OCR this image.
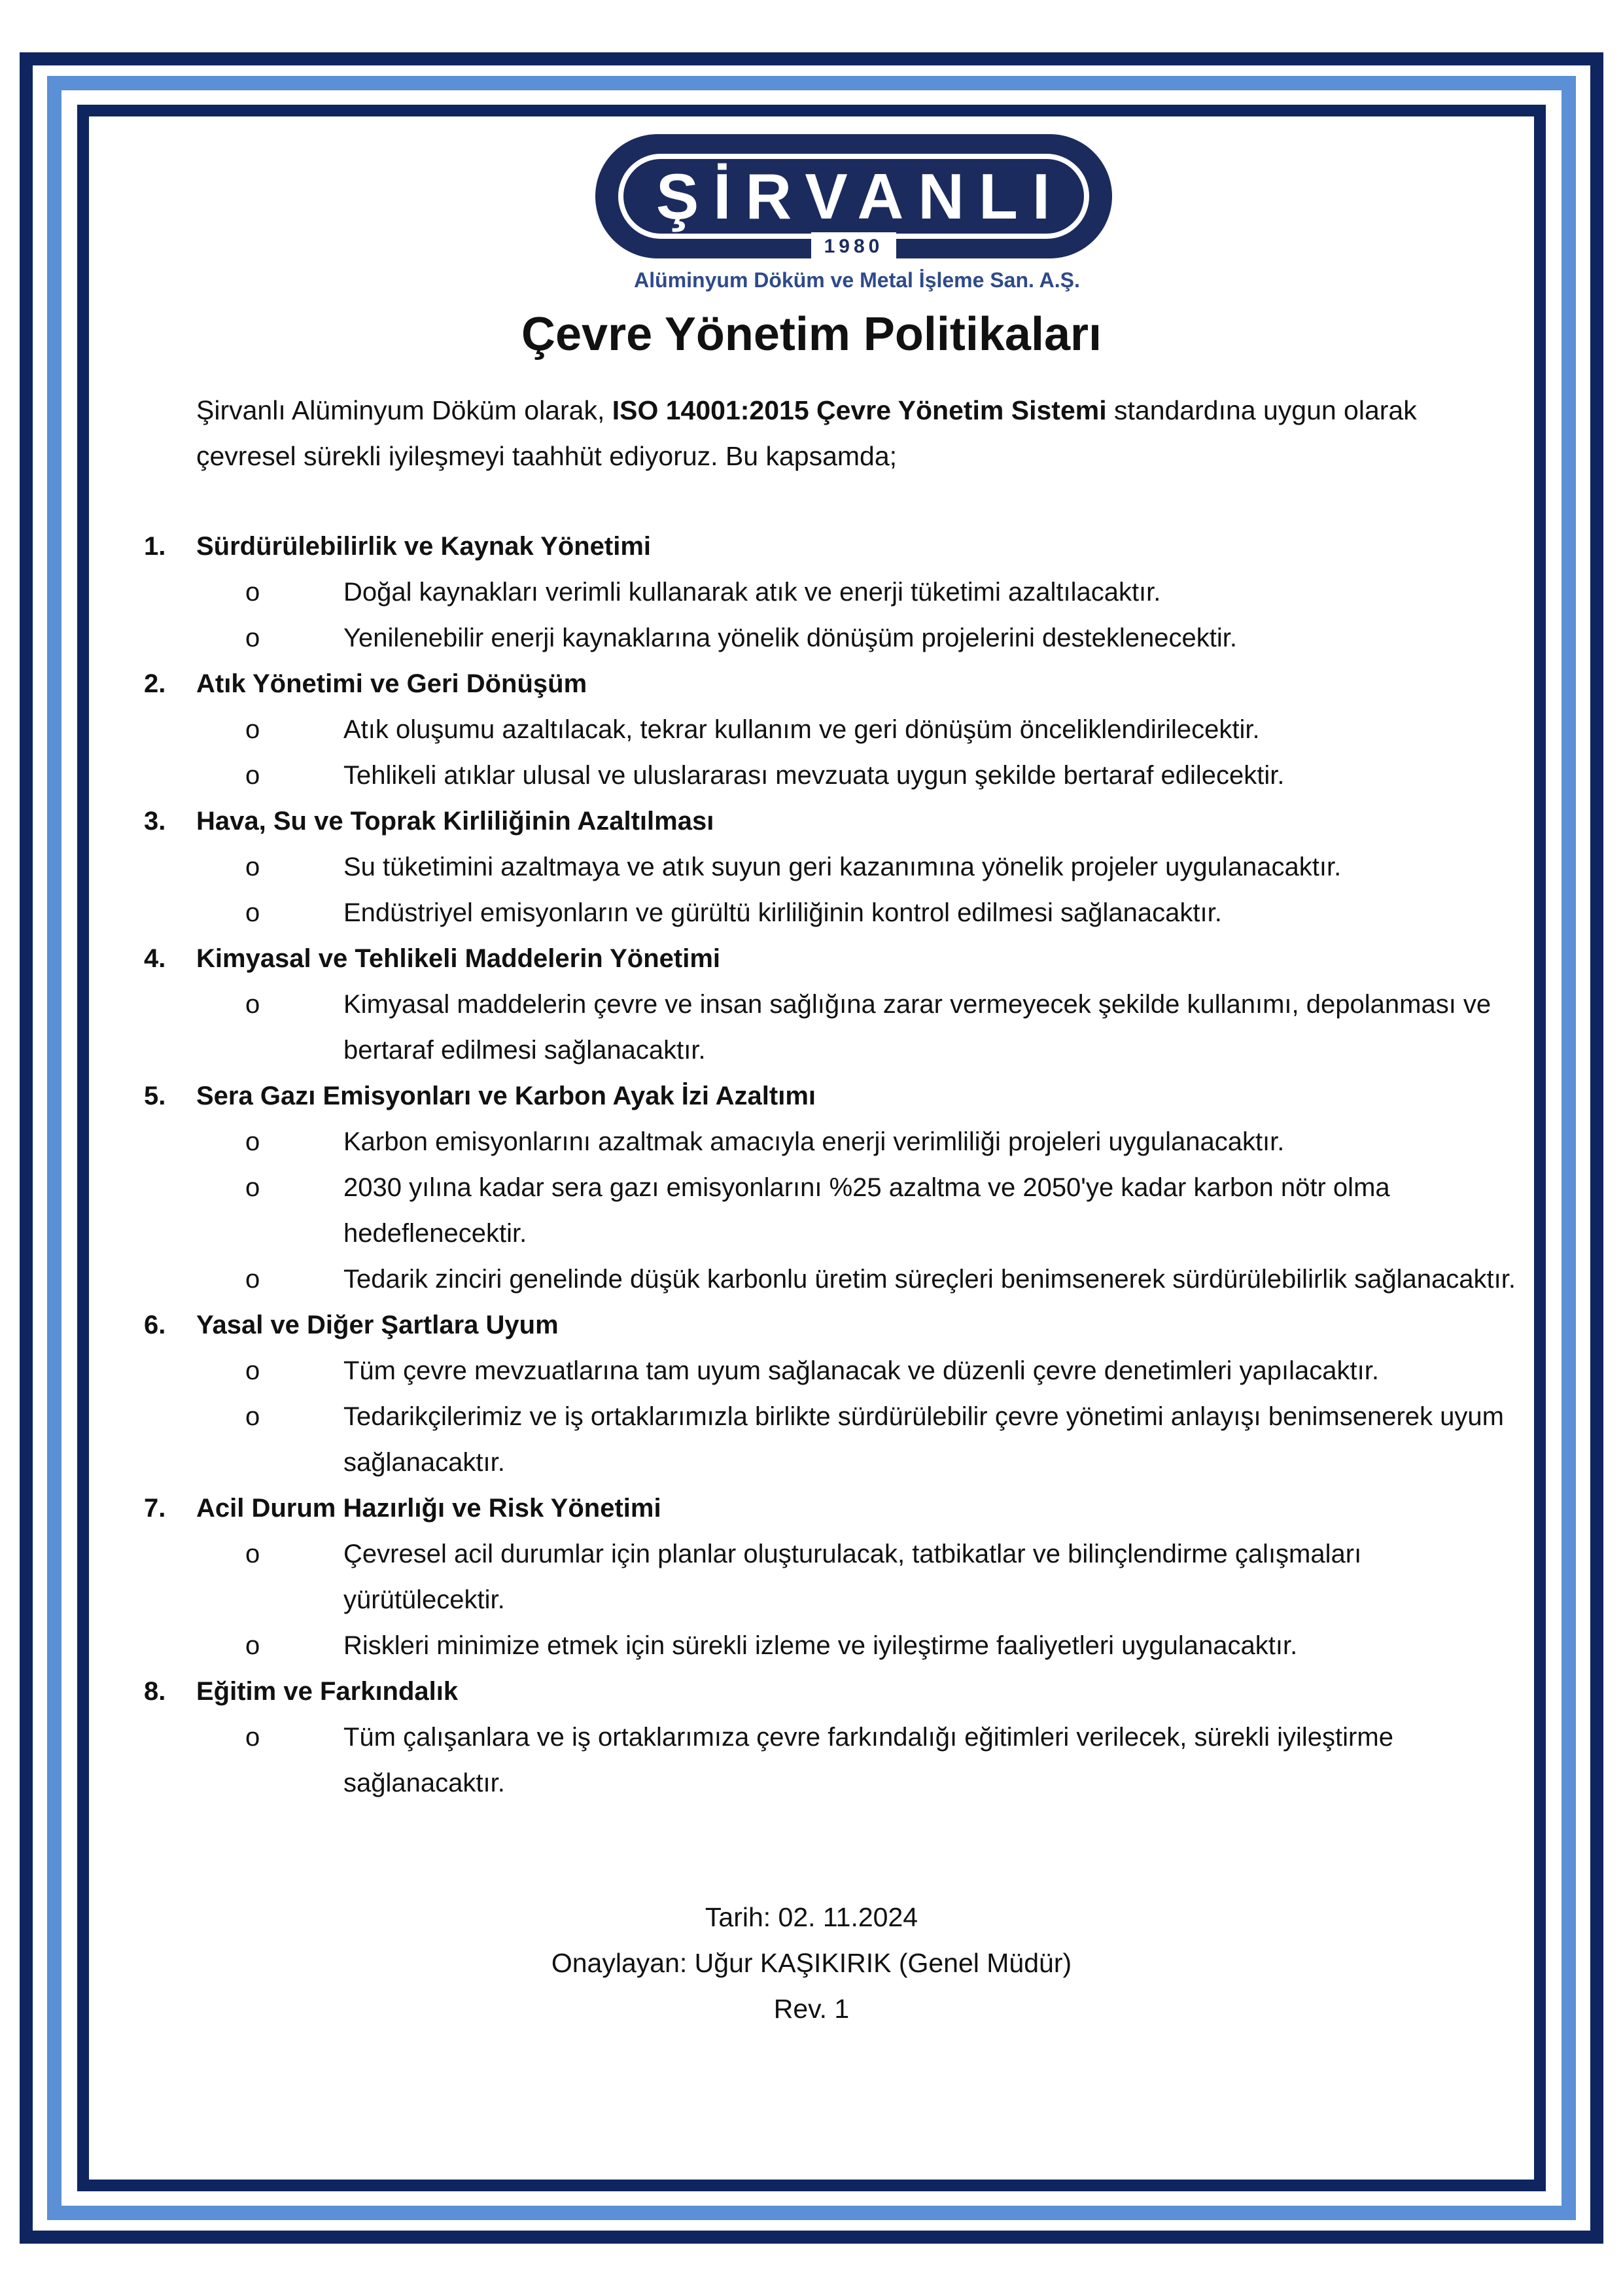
ŞİRVANLI
1980
Alüminyum Döküm ve Metal İşleme San. A.Ş.
Çevre Yönetim Politikaları
Şirvanlı Alüminyum Döküm olarak, ISO 14001:2015 Çevre Yönetim Sistemi standardına uygun olarak çevresel sürekli iyileşmeyi taahhüt ediyoruz. Bu kapsamda;
1.	Sürdürülebilirlik ve Kaynak Yönetimi
o	Doğal kaynakları verimli kullanarak atık ve enerji tüketimi azaltılacaktır.
o	Yenilenebilir enerji kaynaklarına yönelik dönüşüm projelerini desteklenecektir.
2.	Atık Yönetimi ve Geri Dönüşüm
o	Atık oluşumu azaltılacak, tekrar kullanım ve geri dönüşüm önceliklendirilecektir.
o	Tehlikeli atıklar ulusal ve uluslararası mevzuata uygun şekilde bertaraf edilecektir.
3.	Hava, Su ve Toprak Kirliliğinin Azaltılması
o	Su tüketimini azaltmaya ve atık suyun geri kazanımına yönelik projeler uygulanacaktır.
o	Endüstriyel emisyonların ve gürültü kirliliğinin kontrol edilmesi sağlanacaktır.
4.	Kimyasal ve Tehlikeli Maddelerin Yönetimi
o	Kimyasal maddelerin çevre ve insan sağlığına zarar vermeyecek şekilde kullanımı, depolanması ve bertaraf edilmesi sağlanacaktır.
5.	Sera Gazı Emisyonları ve Karbon Ayak İzi Azaltımı
o	Karbon emisyonlarını azaltmak amacıyla enerji verimliliği projeleri uygulanacaktır.
o	2030 yılına kadar sera gazı emisyonlarını %25 azaltma ve 2050'ye kadar karbon nötr olma hedeflenecektir.
o	Tedarik zinciri genelinde düşük karbonlu üretim süreçleri benimsenerek sürdürülebilirlik sağlanacaktır.
6.	Yasal ve Diğer Şartlara Uyum
o	Tüm çevre mevzuatlarına tam uyum sağlanacak ve düzenli çevre denetimleri yapılacaktır.
o	Tedarikçilerimiz ve iş ortaklarımızla birlikte sürdürülebilir çevre yönetimi anlayışı benimsenerek uyum sağlanacaktır.
7.	Acil Durum Hazırlığı ve Risk Yönetimi
o	Çevresel acil durumlar için planlar oluşturulacak, tatbikatlar ve bilinçlendirme çalışmaları yürütülecektir.
o	Riskleri minimize etmek için sürekli izleme ve iyileştirme faaliyetleri uygulanacaktır.
8.	Eğitim ve Farkındalık
o	Tüm çalışanlara ve iş ortaklarımıza çevre farkındalığı eğitimleri verilecek, sürekli iyileştirme sağlanacaktır.
Tarih: 02. 11.2024
Onaylayan: Uğur KAŞIKIRIK (Genel Müdür)
Rev. 1
